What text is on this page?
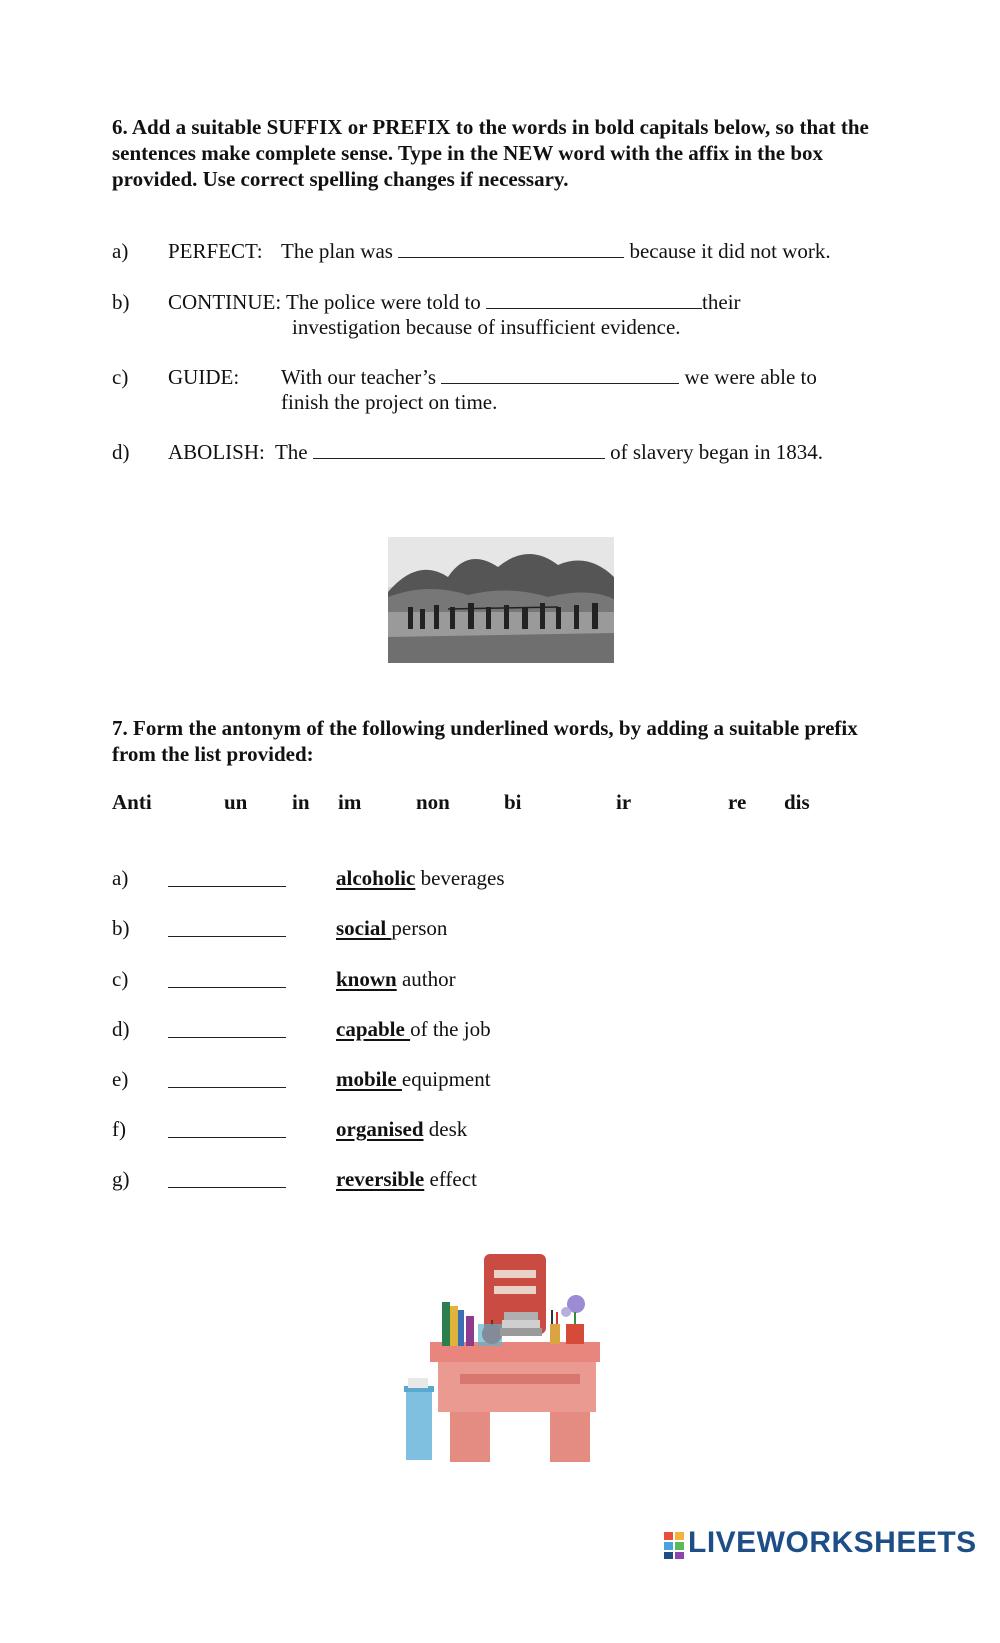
6. Add a suitable SUFFIX or PREFIX to the words in bold capitals below, so that the sentences make complete sense. Type in the NEW word with the affix in the box provided. Use correct spelling changes if necessary.
a) PERFECT: The plan was	because it did not work.
b) CONTINUE: The police were told to	their
investigation because of insufficient evidence.
c) GUIDE: With our teacher’s	we were able to
finish the project on time.
d) ABOLISH: The	of slavery began in 1834.
7. Form the antonym of the following underlined words, by adding a suitable prefix from the list provided:
Anti	un in im	non	bi	ir	re dis
a)	alcoholic beverages
b)	social person
c)	known author
d)	capable of the job
e)	mobile equipment
f)	organised desk
g)	reversible effect
LIVEWORKSHEETS
